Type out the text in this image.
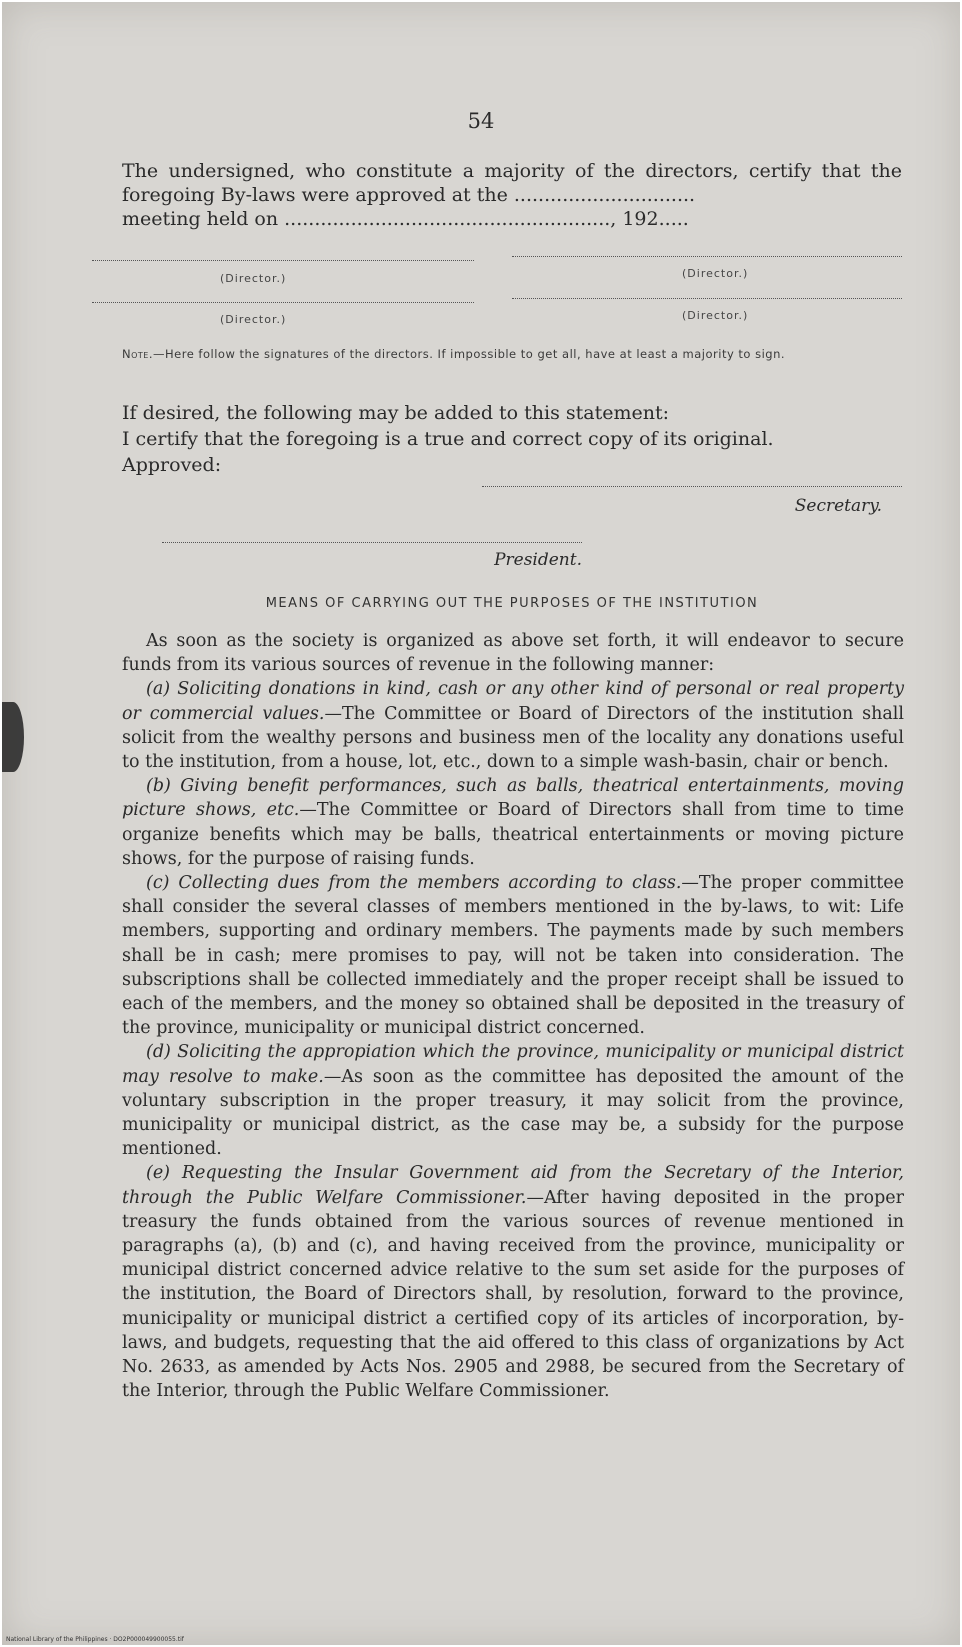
54

The undersigned, who constitute a majority of the directors, certify that the foregoing By-laws were approved at the ..............................

meeting held on ......................................................, 192.....

(Director.)	(Director.)
(Director.)	(Director.)
Note.—Here follow the signatures of the directors. If impossible to get all, have at least a majority to sign.
If desired, the following may be added to this statement:
I certify that the foregoing is a true and correct copy of its original.
Approved:
Secretary.
President.
MEANS OF CARRYING OUT THE PURPOSES OF THE INSTITUTION

As soon as the society is organized as above set forth, it will endeavor to secure funds from its various sources of revenue in the following manner:

(a) Soliciting donations in kind, cash or any other kind of personal or real property or commercial values.—The Committee or Board of Directors of the institution shall solicit from the wealthy persons and business men of the locality any donations useful to the institution, from a house, lot, etc., down to a simple wash-basin, chair or bench.

(b) Giving benefit performances, such as balls, theatrical entertainments, moving picture shows, etc.—The Committee or Board of Directors shall from time to time organize benefits which may be balls, theatrical entertainments or moving picture shows, for the purpose of raising funds.

(c) Collecting dues from the members according to class.—The proper committee shall consider the several classes of members mentioned in the by-laws, to wit: Life members, supporting and ordinary members. The payments made by such members shall be in cash; mere promises to pay, will not be taken into consideration. The subscriptions shall be collected immediately and the proper receipt shall be issued to each of the members, and the money so obtained shall be deposited in the treasury of the province, municipality or municipal district concerned.

(d) Soliciting the appropiation which the province, municipality or municipal district may resolve to make.—As soon as the committee has deposited the amount of the voluntary subscription in the proper treasury, it may solicit from the province, municipality or municipal district, as the case may be, a subsidy for the purpose mentioned.

(e) Requesting the Insular Government aid from the Secretary of the Interior, through the Public Welfare Commissioner.—After having deposited in the proper treasury the funds obtained from the various sources of revenue mentioned in paragraphs (a), (b) and (c), and having received from the province, municipality or municipal district concerned advice relative to the sum set aside for the purposes of the institution, the Board of Directors shall, by resolution, forward to the province, municipality or municipal district a certified copy of its articles of incorporation, by-laws, and budgets, requesting that the aid offered to this class of organizations by Act No. 2633, as amended by Acts Nos. 2905 and 2988, be secured from the Secretary of the Interior, through the Public Welfare Commissioner.

National Library of the Philippines · DO2P000049900055.tif
